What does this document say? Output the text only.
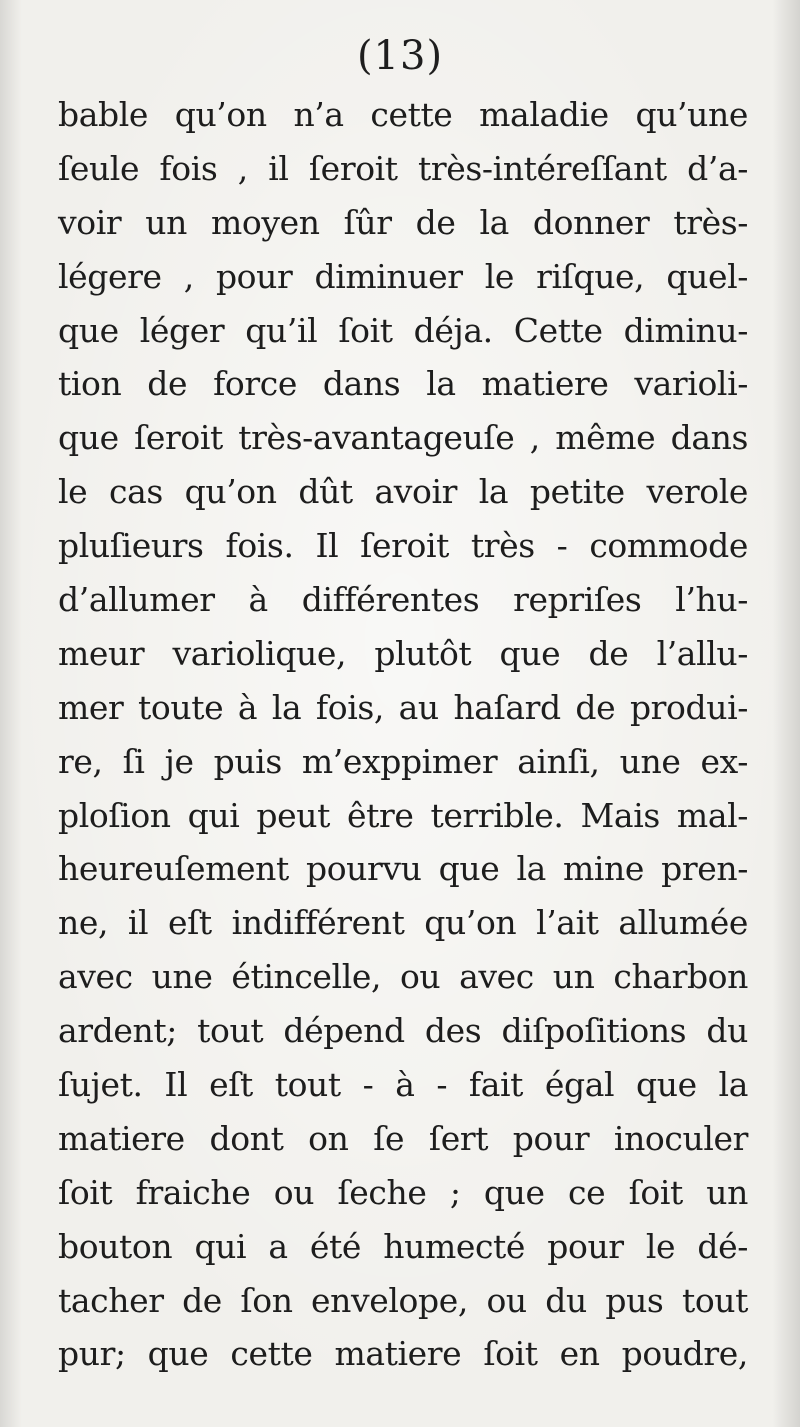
(13)
bable qu’on n’a cette maladie qu’une
ſeule fois , il ſeroit très-intéreſſant d’a-
voir un moyen ſûr de la donner très-
légere , pour diminuer le riſque, quel-
que léger qu’il ſoit déja. Cette diminu-
tion de force dans la matiere varioli-
que ſeroit très-avantageuſe , même dans
le cas qu’on dût avoir la petite verole
pluſieurs fois. Il ſeroit très - commode
d’allumer à différentes repriſes l’hu-
meur variolique, plutôt que de l’allu-
mer toute à la fois, au haſard de produi-
re, ſi je puis m’exppimer ainſi, une ex-
ploſion qui peut être terrible. Mais mal-
heureuſement pourvu que la mine pren-
ne, il eſt indifférent qu’on l’ait allumée
avec une étincelle, ou avec un charbon
ardent; tout dépend des diſpoſitions du
ſujet. Il eſt tout - à - fait égal que la
matiere dont on ſe ſert pour inoculer
ſoit fraiche ou ſeche ; que ce ſoit un
bouton qui a été humecté pour le dé-
tacher de ſon envelope, ou du pus tout
pur; que cette matiere ſoit en poudre,
